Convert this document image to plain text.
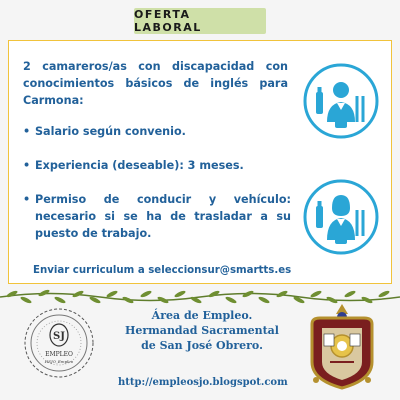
OFERTA LABORAL
2 camareros/as con discapacidad con conocimientos básicos de inglés para Carmona:
• Salario según convenio.
• Experiencia (deseable): 3 meses.
• Permiso de conducir y vehículo: necesario si se ha de trasladar a su puesto de trabajo.
Enviar curriculum a seleccionsur@smartts.es
SJ
EMPLEO
HSJO_Empleo
Área de Empleo.
Hermandad Sacramental
de San José Obrero.
http://empleosjo.blogspot.com
